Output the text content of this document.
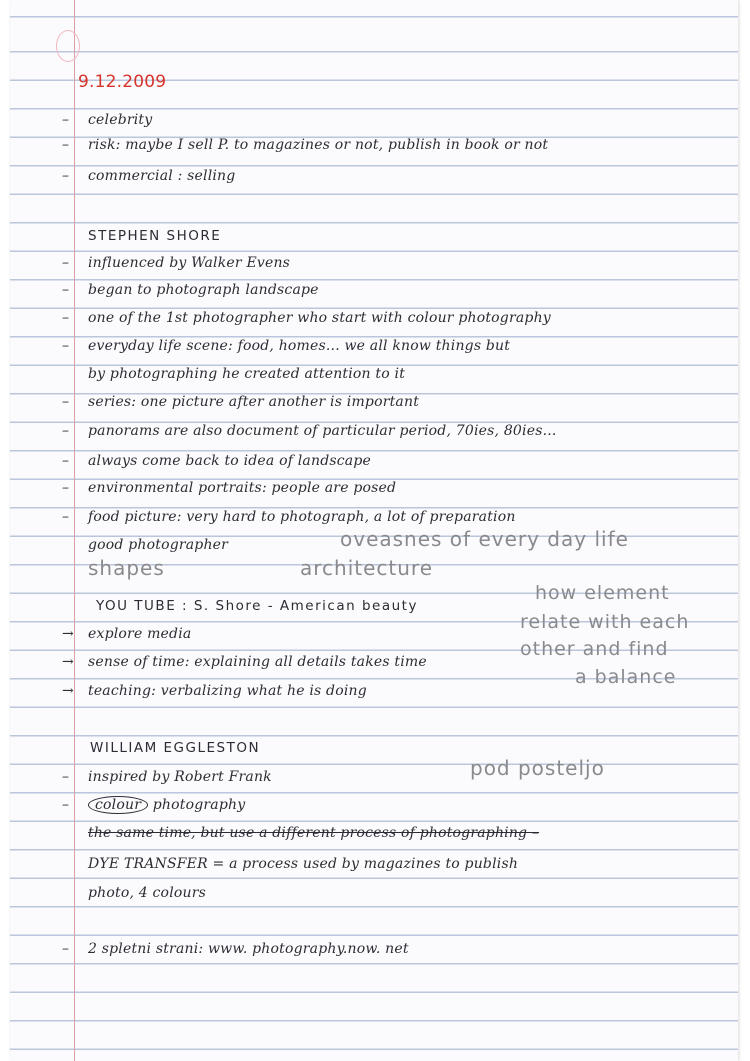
9.12.2009
– celebrity
– risk: maybe I sell P. to magazines or not, publish in book or not
– commercial : selling
STEPHEN SHORE
– influenced by Walker Evens
– began to photograph landscape
– one of the 1st photographer who start with colour photography
– everyday life scene: food, homes... we all know things but
by photographing he created attention to it
– series: one picture after another is important
– panorams are also document of particular period, 70ies, 80ies...
– always come back to idea of landscape
– environmental portraits: people are posed
– food picture: very hard to photograph, a lot of preparation
good photographer	oveasnes of every day life
shapes	architecture
YOU TUBE : S. Shore - American beauty
→ explore media
→ sense of time: explaining all details takes time
→ teaching: verbalizing what he is doing
how element
relate with each
other and find
a balance
WILLIAM EGGLESTON
– inspired by Robert Frank	pod posteljo
– colour photography
the same time, but use a different process of photographing –
DYE TRANSFER = a process used by magazines to publish
photo, 4 colours
– 2 spletni strani: www. photography.now. net
